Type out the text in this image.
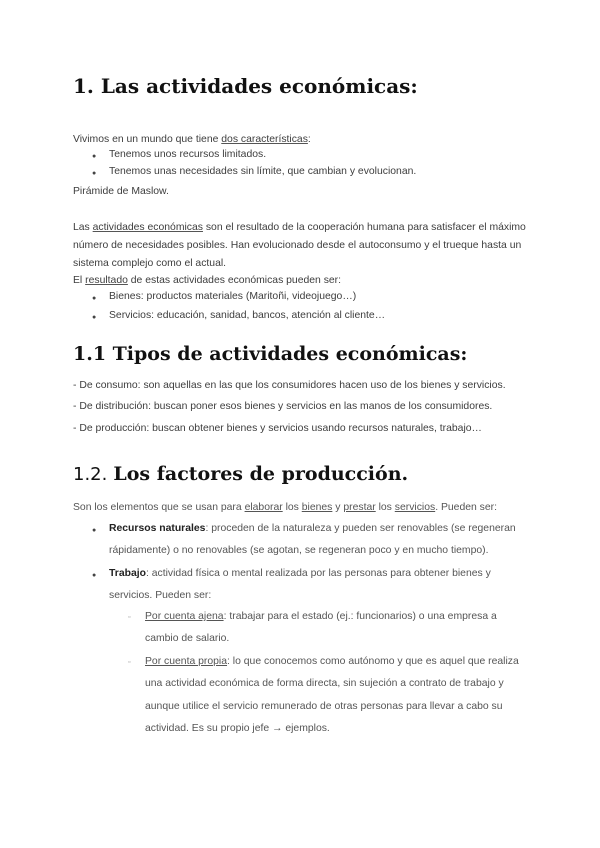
1. Las actividades económicas:
Vivimos en un mundo que tiene dos características:
● Tenemos unos recursos limitados.
● Tenemos unas necesidades sin límite, que cambian y evolucionan.
Pirámide de Maslow.
Las actividades económicas son el resultado de la cooperación humana para satisfacer el máximo
número de necesidades posibles. Han evolucionado desde el autoconsumo y el trueque hasta un
sistema complejo como el actual.
El resultado de estas actividades económicas pueden ser:
● Bienes: productos materiales (Maritoñi, videojuego…)
● Servicios: educación, sanidad, bancos, atención al cliente…
1.1 Tipos de actividades económicas:
- De consumo: son aquellas en las que los consumidores hacen uso de los bienes y servicios.
- De distribución: buscan poner esos bienes y servicios en las manos de los consumidores.
- De producción: buscan obtener bienes y servicios usando recursos naturales, trabajo…
1.2. Los factores de producción.
Son los elementos que se usan para elaborar los bienes y prestar los servicios. Pueden ser:
● Recursos naturales: proceden de la naturaleza y pueden ser renovables (se regeneran
rápidamente) o no renovables (se agotan, se regeneran poco y en mucho tiempo).
● Trabajo: actividad física o mental realizada por las personas para obtener bienes y
servicios. Pueden ser:
▫ Por cuenta ajena: trabajar para el estado (ej.: funcionarios) o una empresa a
cambio de salario.
▫ Por cuenta propia: lo que conocemos como autónomo y que es aquel que realiza
una actividad económica de forma directa, sin sujeción a contrato de trabajo y
aunque utilice el servicio remunerado de otras personas para llevar a cabo su
actividad. Es su propio jefe → ejemplos.
